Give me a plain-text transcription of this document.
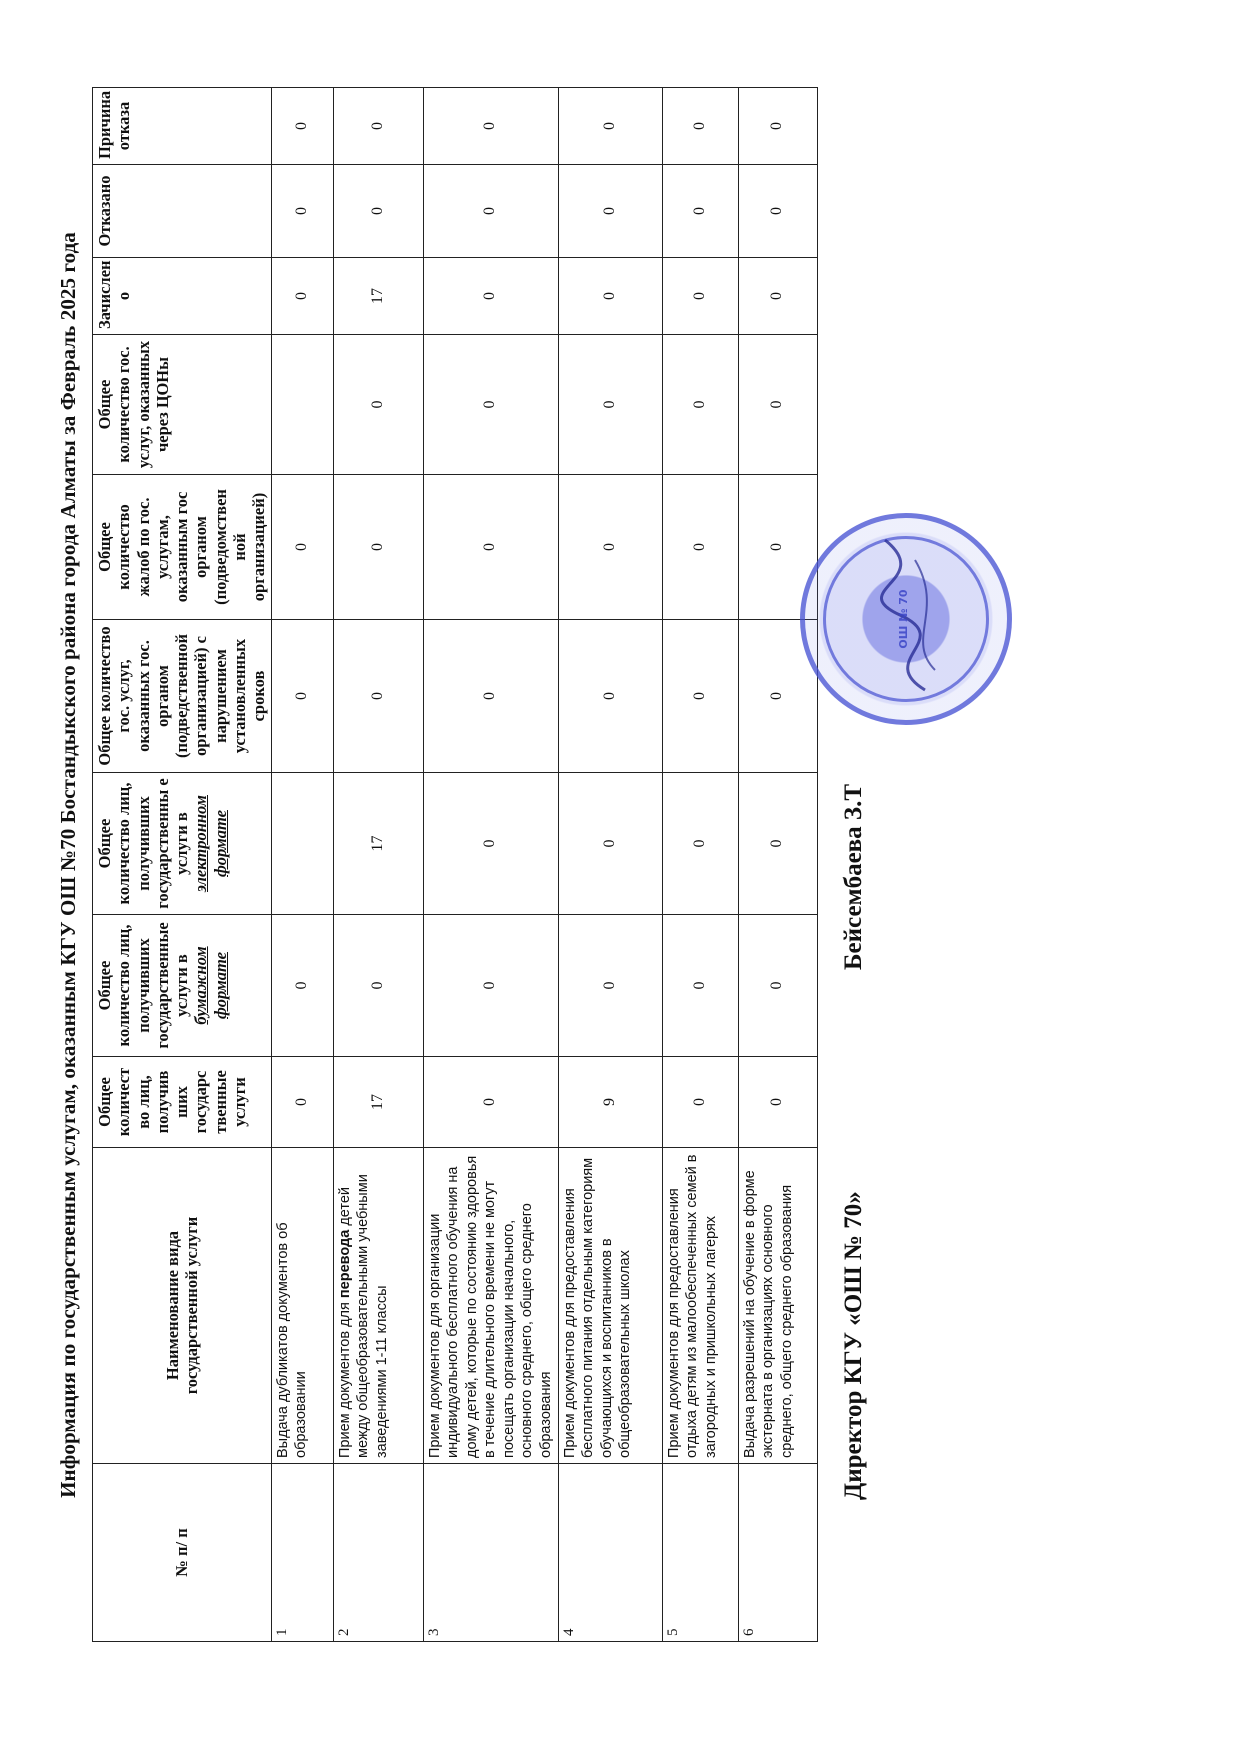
Информация по государственным услугам, оказанным КГУ ОШ №70 Бостандыкского района города Алматы за Февраль 2025 года
№ п/ п	Наименование вида государственной услуги	Общее количест во лиц, получив ших государс твенные услуги	Общее количество лиц, получивших государственные услуги в бумажном формате	Общее количество лиц, получивших государственны е услуги в электронном формате	Общее количество гос. услуг, оказанных гос. органом (подведственной организацией) с нарушением установленных сроков	Общее количество жалоб по гос. услугам, оказанным гос органом (подведомствен ной организацией)	Общее количество гос. услуг, оказанных через ЦОНы	Зачислен о	Отказано	Причина отказа
1	Выдача дубликатов документов об образовании	0	0		0	0		0	0	0
2	Прием документов для перевода детей между общеобразовательными учебными заведениями 1-11 классы	17	0	17	0	0	0	17	0	0
3	Прием документов для организации индивидуального бесплатного обучения на дому детей, которые по состоянию здоровья в течение длительного времени не могут посещать организации начального, основного среднего, общего среднего образования	0	0	0	0	0	0	0	0	0
4	Прием документов для предоставления бесплатного питания отдельным категориям обучающихся и воспитанников в общеобразовательных школах	9	0	0	0	0	0	0	0	0
5	Прием документов для предоставления отдыха детям из малообеспеченных семей в загородных и пришкольных лагерях	0	0	0	0	0	0	0	0	0
6	Выдача разрешений на обучение в форме экстерната в организациях основного среднего, общего среднего образования	0	0	0	0	0	0	0	0	0
ОШ № 70
Директор КГУ «ОШ № 70» Бейсембаева З.Т
